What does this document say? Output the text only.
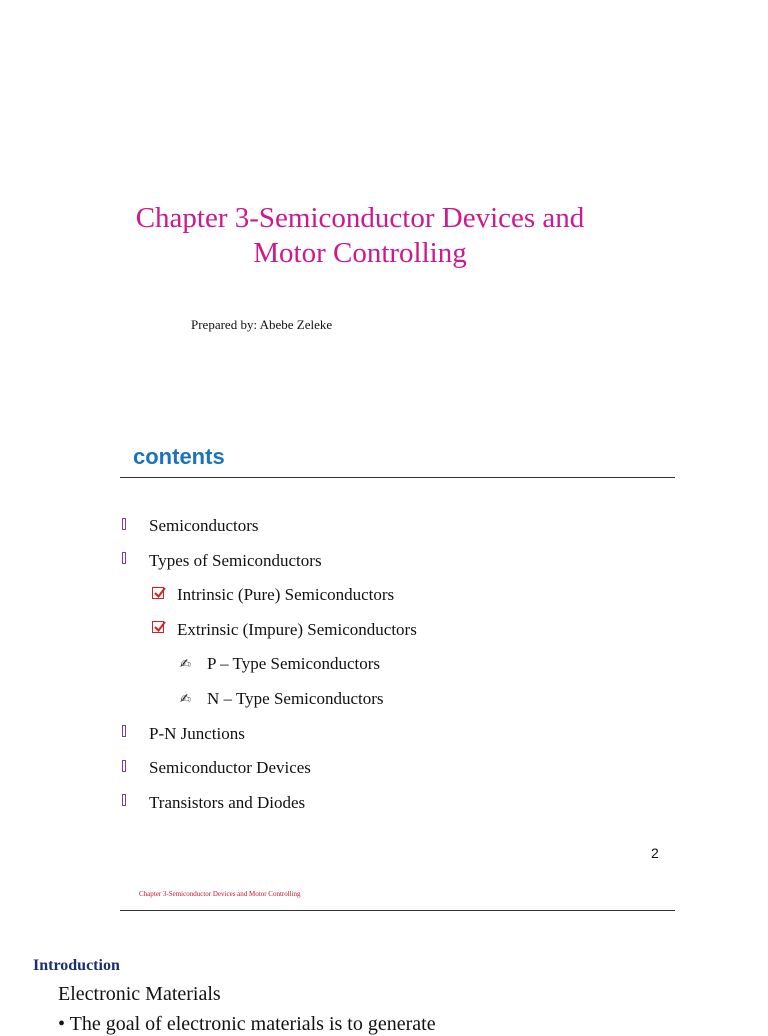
Chapter 3-Semiconductor Devices and
Motor Controlling
Prepared by: Abebe Zeleke
contents
Semiconductors
Types of Semiconductors
Intrinsic (Pure) Semiconductors
Extrinsic (Impure) Semiconductors
✍ P – Type Semiconductors
✍ N – Type Semiconductors
P-N Junctions
Semiconductor Devices
Transistors and Diodes
2
Chapter 3-Semiconductor Devices and Motor Controlling
Introduction
Electronic Materials
• The goal of electronic materials is to generate
